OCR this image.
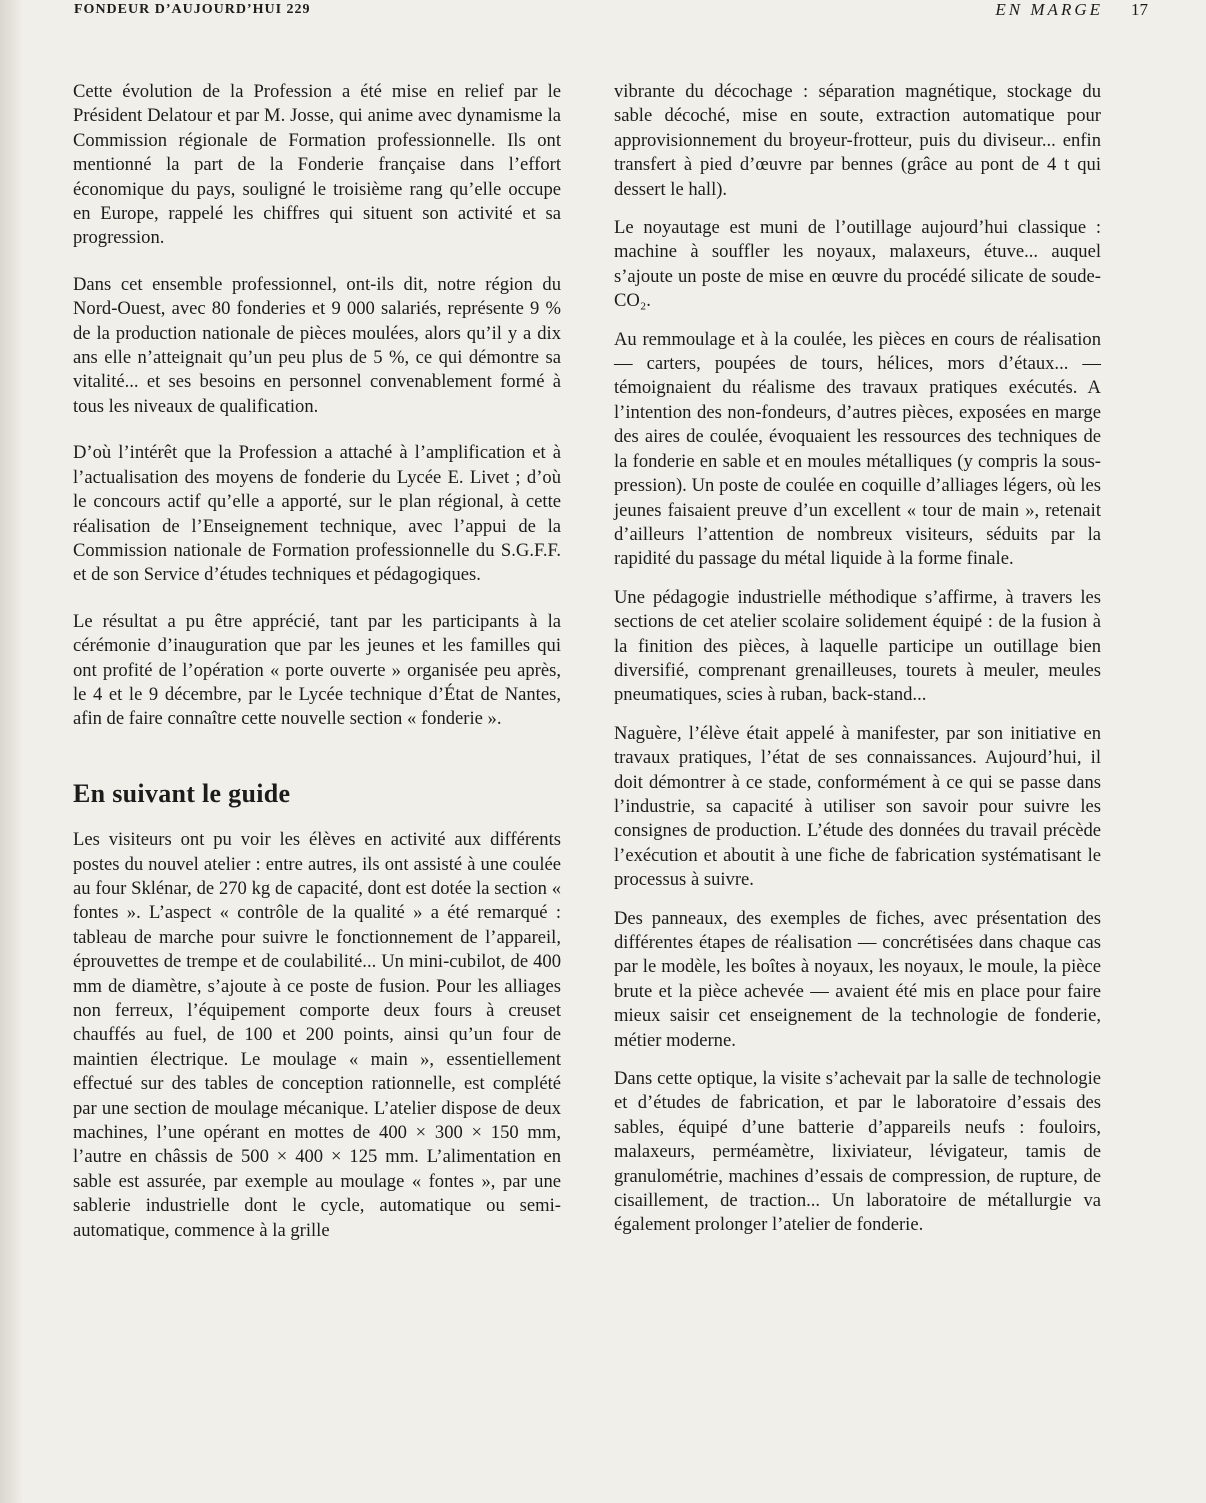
FONDEUR D’AUJOURD’HUI 229	EN MARGE 17

Cette évolution de la Profession a été mise en relief par le Président Delatour et par M. Josse, qui anime avec dynamisme la Commission régionale de Formation professionnelle. Ils ont mentionné la part de la Fonderie française dans l’effort économique du pays, souligné le troisième rang qu’elle occupe en Europe, rappelé les chiffres qui situent son activité et sa progression.

Dans cet ensemble professionnel, ont-ils dit, notre région du Nord-Ouest, avec 80 fonderies et 9 000 salariés, représente 9 % de la production nationale de pièces moulées, alors qu’il y a dix ans elle n’atteignait qu’un peu plus de 5 %, ce qui démontre sa vitalité... et ses besoins en personnel convenablement formé à tous les niveaux de qualification.

D’où l’intérêt que la Profession a attaché à l’amplification et à l’actualisation des moyens de fonderie du Lycée E. Livet ; d’où le concours actif qu’elle a apporté, sur le plan régional, à cette réalisation de l’Enseignement technique, avec l’appui de la Commission nationale de Formation professionnelle du S.G.F.F. et de son Service d’études techniques et pédagogiques.

Le résultat a pu être apprécié, tant par les participants à la cérémonie d’inauguration que par les jeunes et les familles qui ont profité de l’opération « porte ouverte » organisée peu après, le 4 et le 9 décembre, par le Lycée technique d’État de Nantes, afin de faire connaître cette nouvelle section « fonderie ».

En suivant le guide

Les visiteurs ont pu voir les élèves en activité aux différents postes du nouvel atelier : entre autres, ils ont assisté à une coulée au four Sklénar, de 270 kg de capacité, dont est dotée la section « fontes ». L’aspect « contrôle de la qualité » a été remarqué : tableau de marche pour suivre le fonctionnement de l’appareil, éprouvettes de trempe et de coulabilité... Un mini-cubilot, de 400 mm de diamètre, s’ajoute à ce poste de fusion. Pour les alliages non ferreux, l’équipement comporte deux fours à creuset chauffés au fuel, de 100 et 200 points, ainsi qu’un four de maintien électrique. Le moulage « main », essentiellement effectué sur des tables de conception rationnelle, est complété par une section de moulage mécanique. L’atelier dispose de deux machines, l’une opérant en mottes de 400 × 300 × 150 mm, l’autre en châssis de 500 × 400 × 125 mm. L’alimentation en sable est assurée, par exemple au moulage « fontes », par une sablerie industrielle dont le cycle, automatique ou semi-automatique, commence à la grille

vibrante du décochage : séparation magnétique, stockage du sable décoché, mise en soute, extraction automatique pour approvisionnement du broyeur-frotteur, puis du diviseur... enfin transfert à pied d’œuvre par bennes (grâce au pont de 4 t qui dessert le hall).

Le noyautage est muni de l’outillage aujourd’hui classique : machine à souffler les noyaux, malaxeurs, étuve... auquel s’ajoute un poste de mise en œuvre du procédé silicate de soude-CO₂.

Au remmoulage et à la coulée, les pièces en cours de réalisation — carters, poupées de tours, hélices, mors d’étaux... — témoignaient du réalisme des travaux pratiques exécutés. A l’intention des non-fondeurs, d’autres pièces, exposées en marge des aires de coulée, évoquaient les ressources des techniques de la fonderie en sable et en moules métalliques (y compris la sous-pression). Un poste de coulée en coquille d’alliages légers, où les jeunes faisaient preuve d’un excellent « tour de main », retenait d’ailleurs l’attention de nombreux visiteurs, séduits par la rapidité du passage du métal liquide à la forme finale.

Une pédagogie industrielle méthodique s’affirme, à travers les sections de cet atelier scolaire solidement équipé : de la fusion à la finition des pièces, à laquelle participe un outillage bien diversifié, comprenant grenailleuses, tourets à meuler, meules pneumatiques, scies à ruban, back-stand...

Naguère, l’élève était appelé à manifester, par son initiative en travaux pratiques, l’état de ses connaissances. Aujourd’hui, il doit démontrer à ce stade, conformément à ce qui se passe dans l’industrie, sa capacité à utiliser son savoir pour suivre les consignes de production. L’étude des données du travail précède l’exécution et aboutit à une fiche de fabrication systématisant le processus à suivre.

Des panneaux, des exemples de fiches, avec présentation des différentes étapes de réalisation — concrétisées dans chaque cas par le modèle, les boîtes à noyaux, les noyaux, le moule, la pièce brute et la pièce achevée — avaient été mis en place pour faire mieux saisir cet enseignement de la technologie de fonderie, métier moderne.

Dans cette optique, la visite s’achevait par la salle de technologie et d’études de fabrication, et par le laboratoire d’essais des sables, équipé d’une batterie d’appareils neufs : fouloirs, malaxeurs, perméamètre, lixiviateur, lévigateur, tamis de granulométrie, machines d’essais de compression, de rupture, de cisaillement, de traction... Un laboratoire de métallurgie va également prolonger l’atelier de fonderie.
